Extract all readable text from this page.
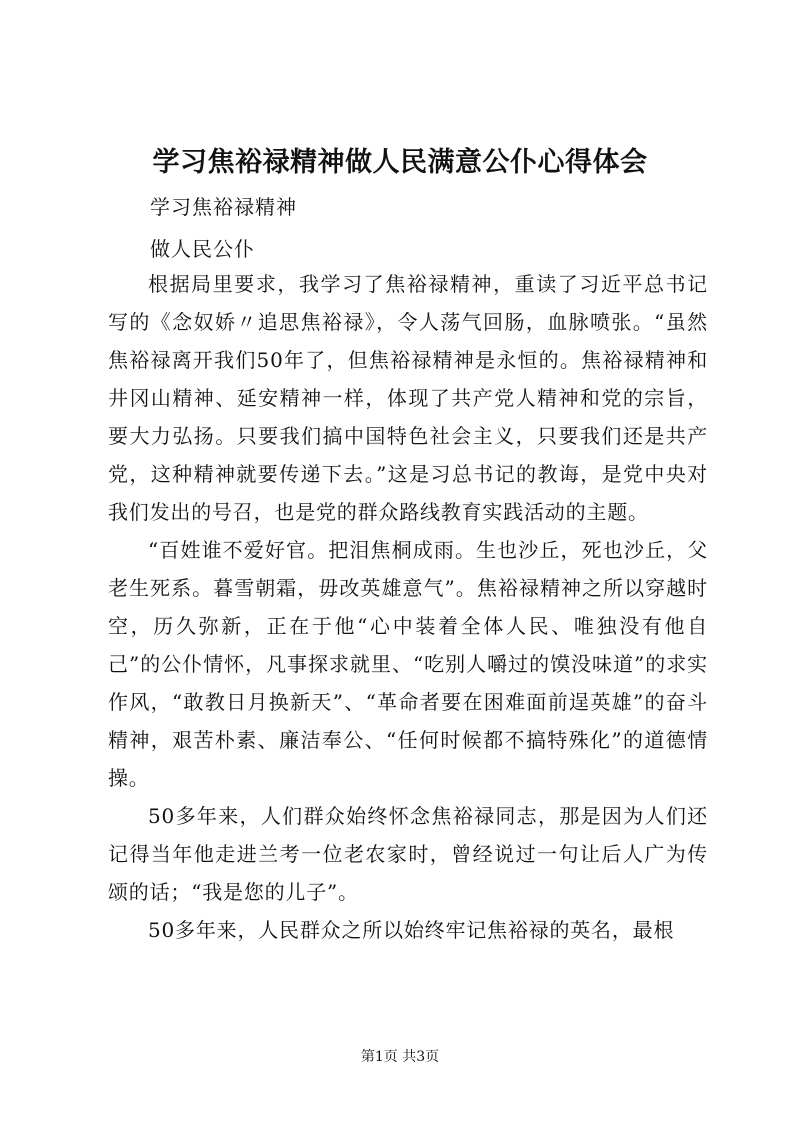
学习焦裕禄精神做人民满意公仆心得体会
学习焦裕禄精神
做人民公仆

根据局里要求，我学习了焦裕禄精神，重读了习近平总书记写的《念奴娇〃追思焦裕禄》，令人荡气回肠，血脉喷张。“虽然焦裕禄离开我们50年了，但焦裕禄精神是永恒的。焦裕禄精神和井冈山精神、延安精神一样，体现了共产党人精神和党的宗旨，要大力弘扬。只要我们搞中国特色社会主义，只要我们还是共产党，这种精神就要传递下去。”这是习总书记的教诲，是党中央对我们发出的号召，也是党的群众路线教育实践活动的主题。

“百姓谁不爱好官。把泪焦桐成雨。生也沙丘，死也沙丘，父老生死系。暮雪朝霜，毋改英雄意气”。焦裕禄精神之所以穿越时空，历久弥新，正在于他“心中装着全体人民、唯独没有他自己”的公仆情怀，凡事探求就里、“吃别人嚼过的馍没味道”的求实作风，“敢教日月换新天”、“革命者要在困难面前逞英雄”的奋斗精神，艰苦朴素、廉洁奉公、“任何时候都不搞特殊化”的道德情操。

50多年来，人们群众始终怀念焦裕禄同志，那是因为人们还记得当年他走进兰考一位老农家时，曾经说过一句让后人广为传颂的话；“我是您的儿子”。

50多年来，人民群众之所以始终牢记焦裕禄的英名，最根

第1页 共3页
